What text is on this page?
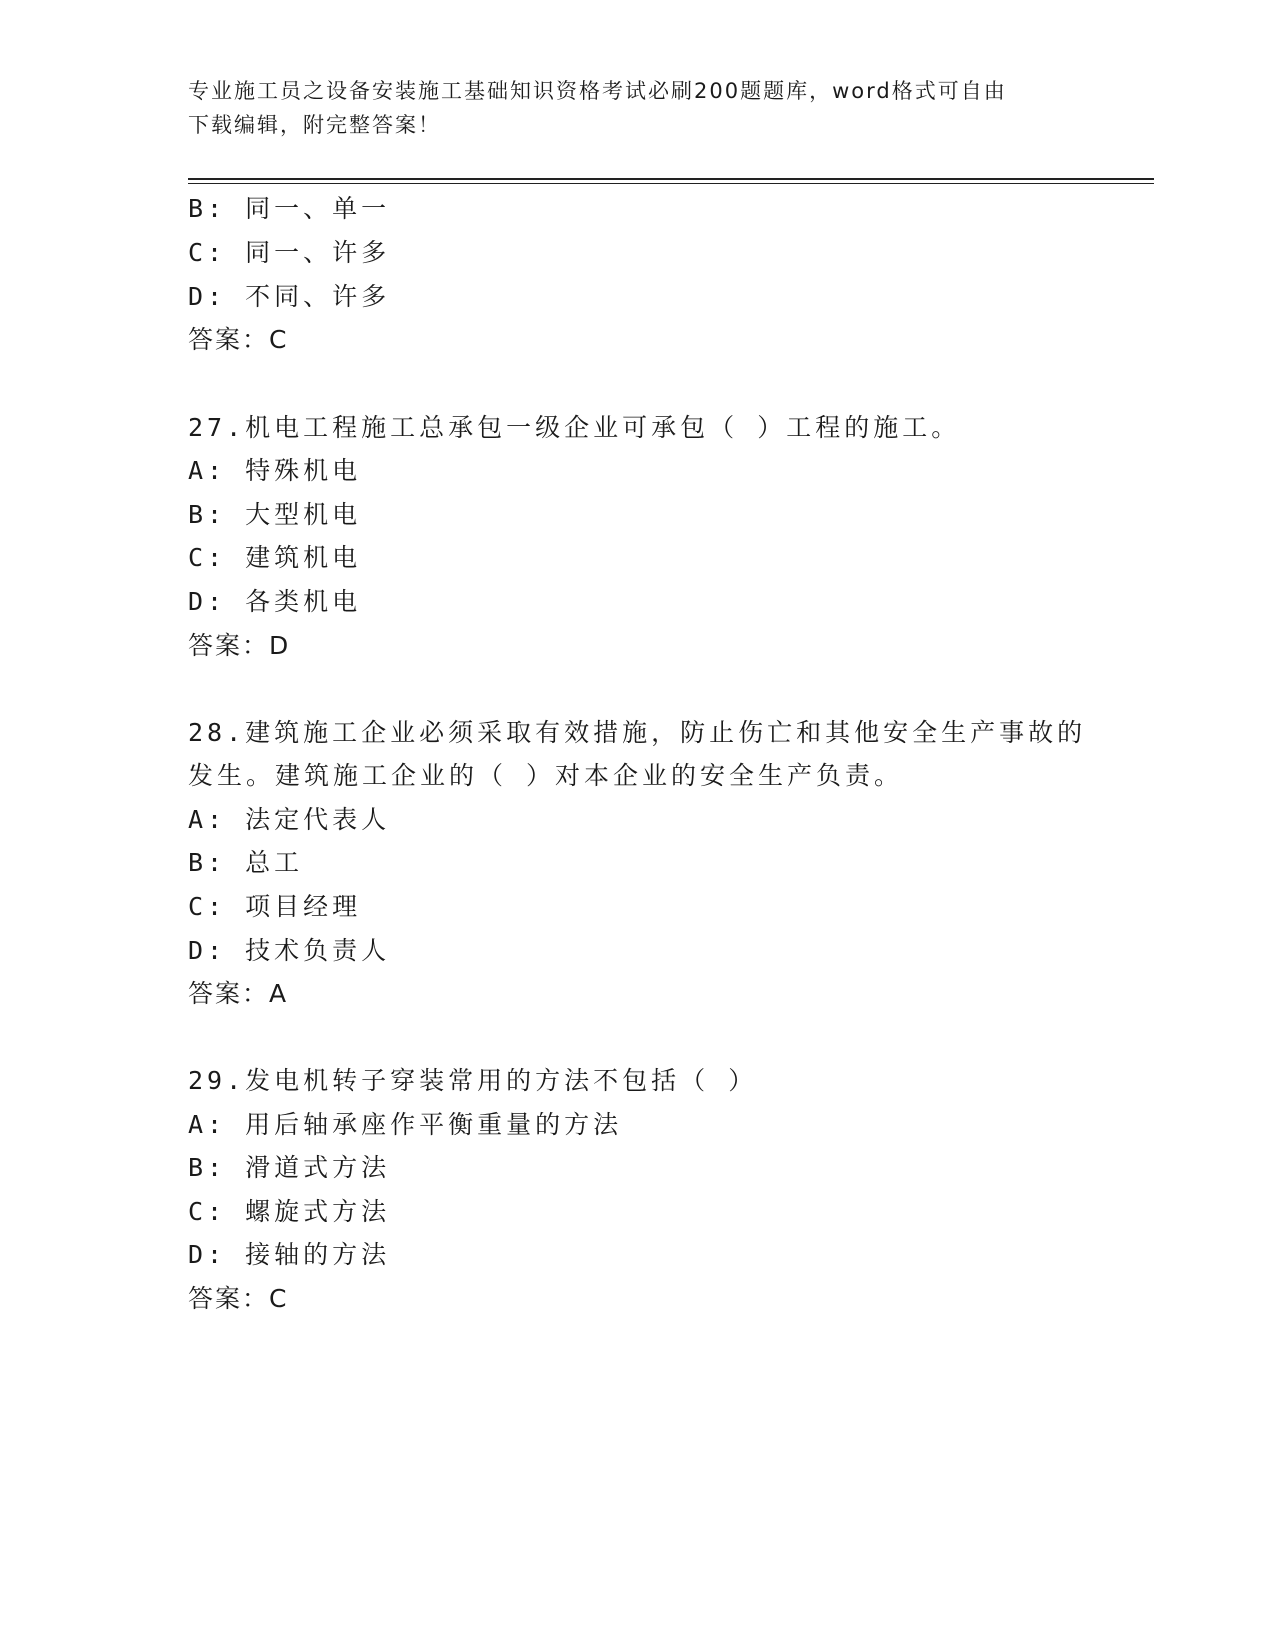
专业施工员之设备安装施工基础知识资格考试必刷200题题库，word格式可自由
下载编辑，附完整答案！
B: 同一、单一
C: 同一、许多
D: 不同、许多
答案：C
27.机电工程施工总承包一级企业可承包（ ）工程的施工。
A: 特殊机电
B: 大型机电
C: 建筑机电
D: 各类机电
答案：D
28.建筑施工企业必须采取有效措施，防止伤亡和其他安全生产事故的
发生。建筑施工企业的（ ）对本企业的安全生产负责。
A: 法定代表人
B: 总工
C: 项目经理
D: 技术负责人
答案：A
29.发电机转子穿装常用的方法不包括（ ）
A: 用后轴承座作平衡重量的方法
B: 滑道式方法
C: 螺旋式方法
D: 接轴的方法
答案：C
